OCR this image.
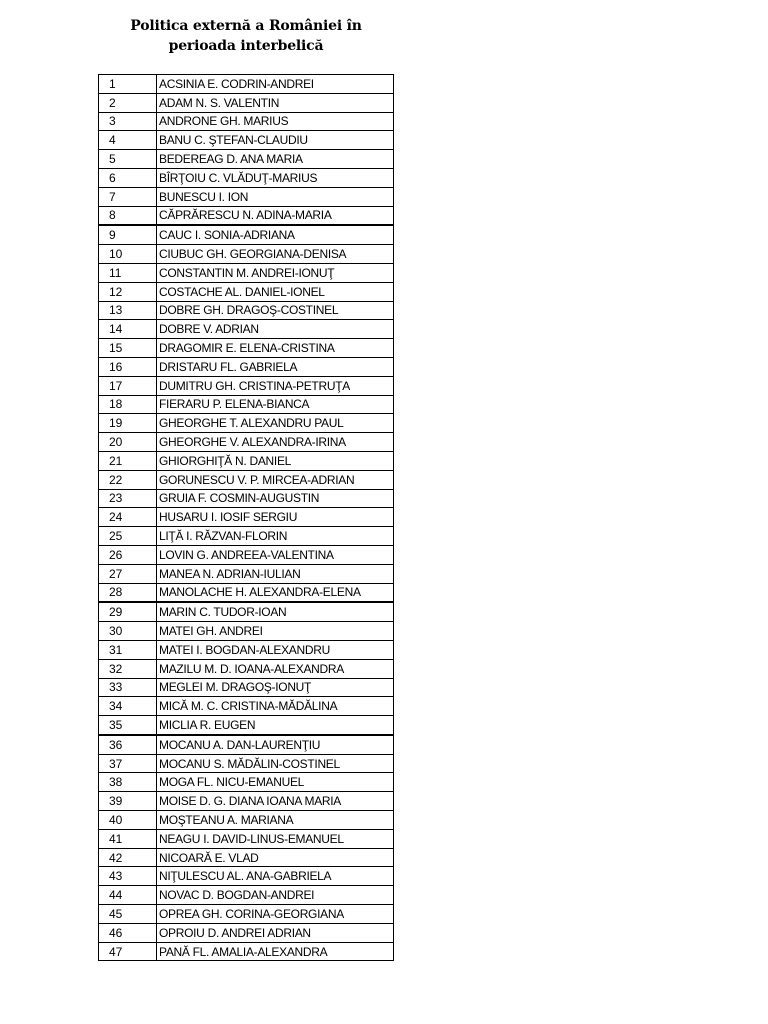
Politica externă a României în perioada interbelică
1	ACSINIA E. CODRIN-ANDREI
2	ADAM N. S. VALENTIN
3	ANDRONE GH. MARIUS
4	BANU C. ŞTEFAN-CLAUDIU
5	BEDEREAG D. ANA MARIA
6	BÎRŢOIU C. VLĂDUŢ-MARIUS
7	BUNESCU I. ION
8	CĂPRĂRESCU N. ADINA-MARIA
9	CAUC I. SONIA-ADRIANA
10	CIUBUC GH. GEORGIANA-DENISA
11	CONSTANTIN M. ANDREI-IONUŢ
12	COSTACHE AL. DANIEL-IONEL
13	DOBRE GH. DRAGOŞ-COSTINEL
14	DOBRE V. ADRIAN
15	DRAGOMIR E. ELENA-CRISTINA
16	DRISTARU FL. GABRIELA
17	DUMITRU GH. CRISTINA-PETRUŢA
18	FIERARU P. ELENA-BIANCA
19	GHEORGHE T. ALEXANDRU PAUL
20	GHEORGHE V. ALEXANDRA-IRINA
21	GHIORGHIŢĂ N. DANIEL
22	GORUNESCU V. P. MIRCEA-ADRIAN
23	GRUIA F. COSMIN-AUGUSTIN
24	HUSARU I. IOSIF SERGIU
25	LIŢĂ I. RĂZVAN-FLORIN
26	LOVIN G. ANDREEA-VALENTINA
27	MANEA N. ADRIAN-IULIAN
28	MANOLACHE H. ALEXANDRA-ELENA
29	MARIN C. TUDOR-IOAN
30	MATEI GH. ANDREI
31	MATEI I. BOGDAN-ALEXANDRU
32	MAZILU M. D. IOANA-ALEXANDRA
33	MEGLEI M. DRAGOŞ-IONUŢ
34	MICĂ M. C. CRISTINA-MĂDĂLINA
35	MICLIA R. EUGEN
36	MOCANU A. DAN-LAURENŢIU
37	MOCANU S. MĂDĂLIN-COSTINEL
38	MOGA FL. NICU-EMANUEL
39	MOISE D. G. DIANA IOANA MARIA
40	MOŞTEANU A. MARIANA
41	NEAGU I. DAVID-LINUS-EMANUEL
42	NICOARĂ E. VLAD
43	NIŢULESCU AL. ANA-GABRIELA
44	NOVAC D. BOGDAN-ANDREI
45	OPREA GH. CORINA-GEORGIANA
46	OPROIU D. ANDREI ADRIAN
47	PANĂ FL. AMALIA-ALEXANDRA
